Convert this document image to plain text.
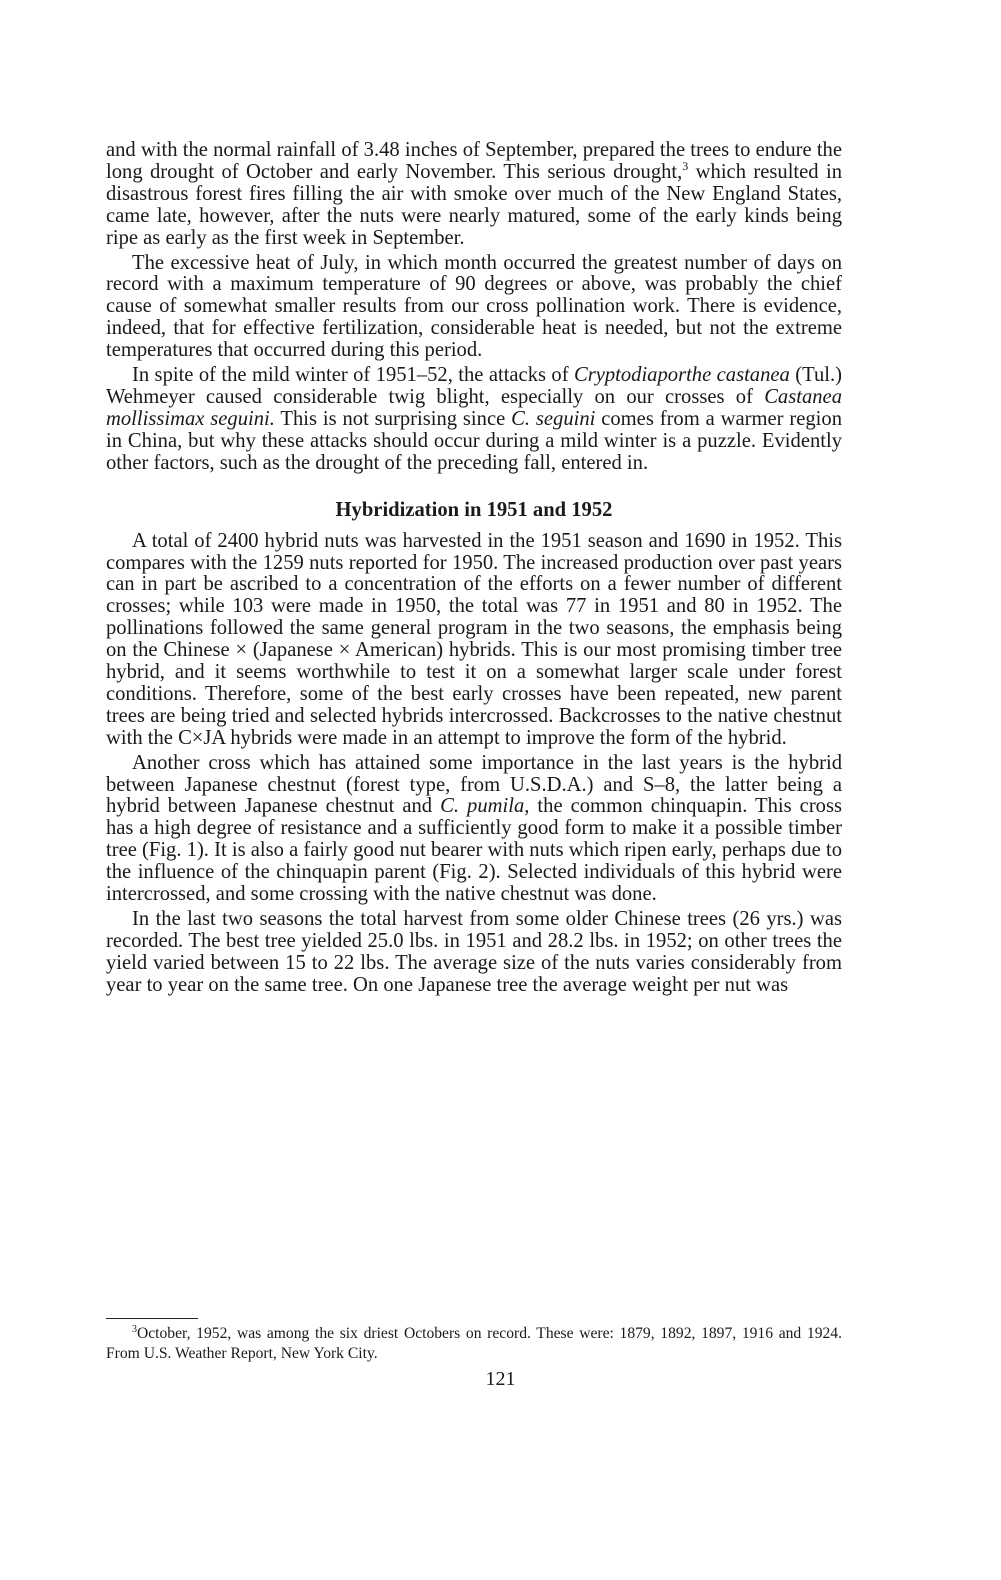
and with the normal rainfall of 3.48 inches of September, prepared the trees to endure the long drought of October and early November. This serious drought,$^3$ which resulted in disastrous forest fires filling the air with smoke over much of the New England States, came late, however, after the nuts were nearly matured, some of the early kinds being ripe as early as the first week in September.

The excessive heat of July, in which month occurred the greatest number of days on record with a maximum temperature of 90 degrees or above, was probably the chief cause of somewhat smaller results from our cross pollination work. There is evidence, indeed, that for effective fertilization, considerable heat is needed, but not the extreme temperatures that occurred during this period.

In spite of the mild winter of 1951–52, the attacks of Cryptodiaporthe castanea (Tul.) Wehmeyer caused considerable twig blight, especially on our crosses of Castanea mollissimax seguini. This is not surprising since C. seguini comes from a warmer region in China, but why these attacks should occur during a mild winter is a puzzle. Evidently other factors, such as the drought of the preceding fall, entered in.

Hybridization in 1951 and 1952

A total of 2400 hybrid nuts was harvested in the 1951 season and 1690 in 1952. This compares with the 1259 nuts reported for 1950. The increased production over past years can in part be ascribed to a concentration of the efforts on a fewer number of different crosses; while 103 were made in 1950, the total was 77 in 1951 and 80 in 1952. The pollinations followed the same general program in the two seasons, the emphasis being on the Chinese × (Japanese × American) hybrids. This is our most promising timber tree hybrid, and it seems worthwhile to test it on a somewhat larger scale under forest conditions. Therefore, some of the best early crosses have been repeated, new parent trees are being tried and selected hybrids intercrossed. Backcrosses to the native chestnut with the C×JA hybrids were made in an attempt to improve the form of the hybrid.

Another cross which has attained some importance in the last years is the hybrid between Japanese chestnut (forest type, from U.S.D.A.) and S–8, the latter being a hybrid between Japanese chestnut and C. pumila, the common chinquapin. This cross has a high degree of resistance and a sufficiently good form to make it a possible timber tree (Fig. 1). It is also a fairly good nut bearer with nuts which ripen early, perhaps due to the influence of the chinquapin parent (Fig. 2). Selected individuals of this hybrid were intercrossed, and some crossing with the native chestnut was done.

In the last two seasons the total harvest from some older Chinese trees (26 yrs.) was recorded. The best tree yielded 25.0 lbs. in 1951 and 28.2 lbs. in 1952; on other trees the yield varied between 15 to 22 lbs. The average size of the nuts varies considerably from year to year on the same tree. On one Japanese tree the average weight per nut was

$^3$October, 1952, was among the six driest Octobers on record. These were: 1879, 1892, 1897, 1916 and 1924. From U.S. Weather Report, New York City.

121
